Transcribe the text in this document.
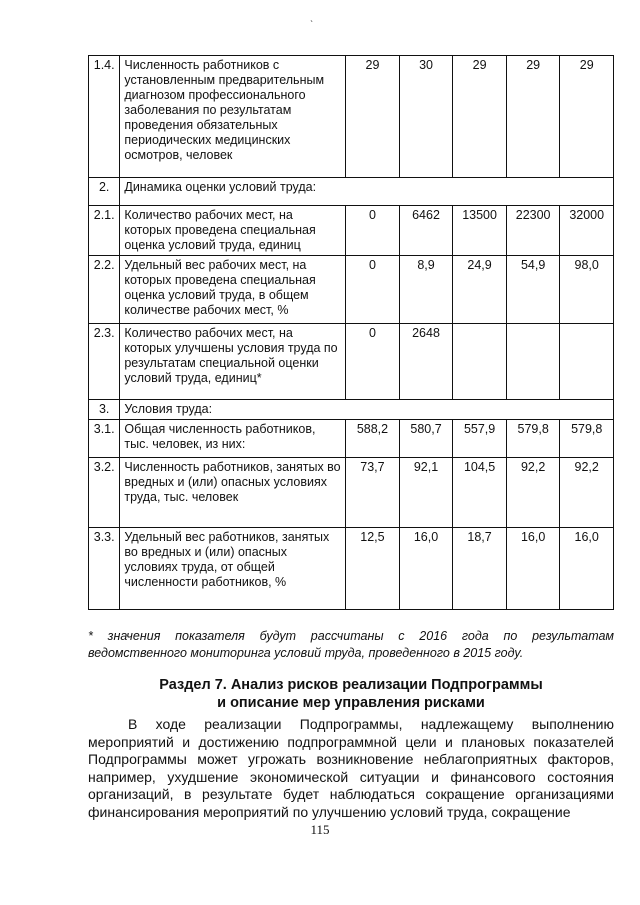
ˋ
1.4.	Численность работников с установленным предварительным диагнозом профессионального заболевания по результатам проведения обязательных периодических медицинских осмотров, человек	29	30	29	29	29
2.	Динамика оценки условий труда:					
2.1.	Количество рабочих мест, на которых проведена специальная оценка условий труда, единиц	0	6462	13500	22300	32000
2.2.	Удельный вес рабочих мест, на которых проведена специальная оценка условий труда, в общем количестве рабочих мест, %	0	8,9	24,9	54,9	98,0
2.3.	Количество рабочих мест, на которых улучшены условия труда по результатам специальной оценки условий труда, единиц*	0	2648			
3.	Условия труда:					
3.1.	Общая численность работников, тыс. человек, из них:	588,2	580,7	557,9	579,8	579,8
3.2.	Численность работников, занятых во вредных и (или) опасных условиях труда, тыс. человек	73,7	92,1	104,5	92,2	92,2
3.3.	Удельный вес работников, занятых во вредных и (или) опасных условиях труда, от общей численности работников, %	12,5	16,0	18,7	16,0	16,0
* значения показателя будут рассчитаны с 2016 года по результатам ведомственного мониторинга условий труда, проведенного в 2015 году.
Раздел 7. Анализ рисков реализации Подпрограммы
и описание мер управления рисками
В ходе реализации Подпрограммы, надлежащему выполнению мероприятий и достижению подпрограммной цели и плановых показателей Подпрограммы может угрожать возникновение неблагоприятных факторов, например, ухудшение экономической ситуации и финансового состояния организаций, в результате будет наблюдаться сокращение организациями финансирования мероприятий по улучшению условий труда, сокращение
115
